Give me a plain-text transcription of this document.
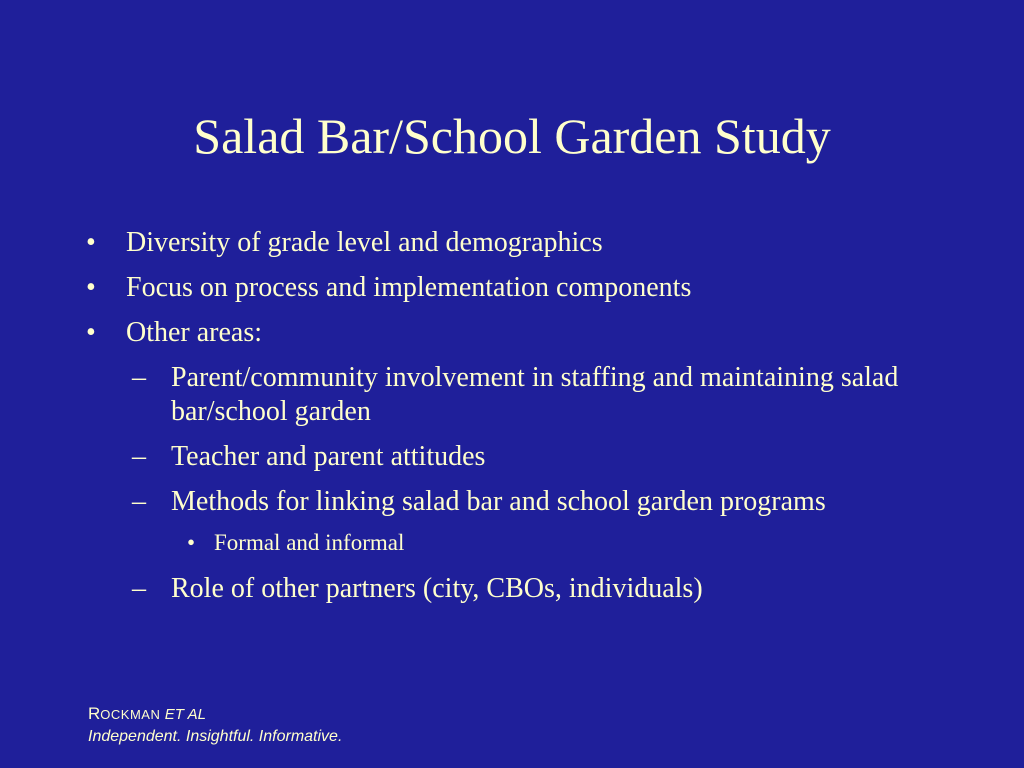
Salad Bar/School Garden Study
• Diversity of grade level and demographics
• Focus on process and implementation components
• Other areas:
– Parent/community involvement in staffing and maintaining salad bar/school garden
– Teacher and parent attitudes
– Methods for linking salad bar and school garden programs
• Formal and informal
– Role of other partners (city, CBOs, individuals)
ROCKMAN ET AL
Independent. Insightful. Informative.
